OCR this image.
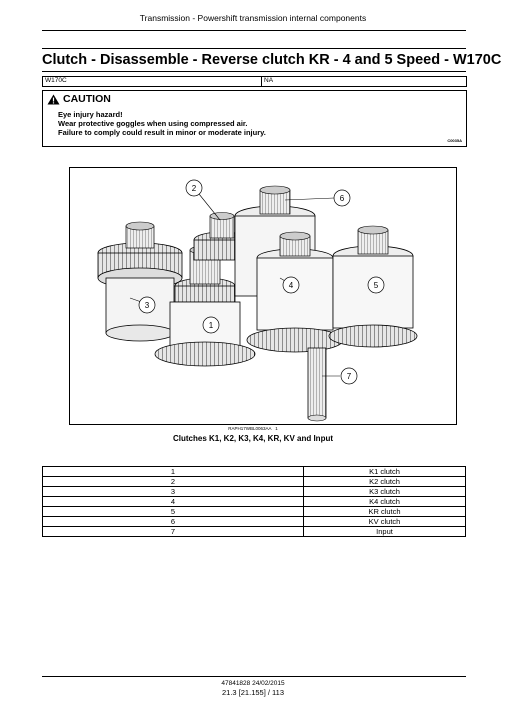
Transmission - Powershift transmission internal components
Clutch - Disassemble - Reverse clutch KR - 4 and 5 Speed - W170C
W170C	NA
CAUTION
Eye injury hazard!
Wear protective goggles when using compressed air.
Failure to comply could result in minor or moderate injury.
C0035A
1
2
3
4	5
6
7
RAPH17WBL0063AA 1
Clutches K1, K2, K3, K4, KR, KV and Input
1	K1 clutch
2	K2 clutch
3	K3 clutch
4	K4 clutch
5	KR clutch
6	KV clutch
7	Input
47841828 24/02/2015
21.3 [21.155] / 113
